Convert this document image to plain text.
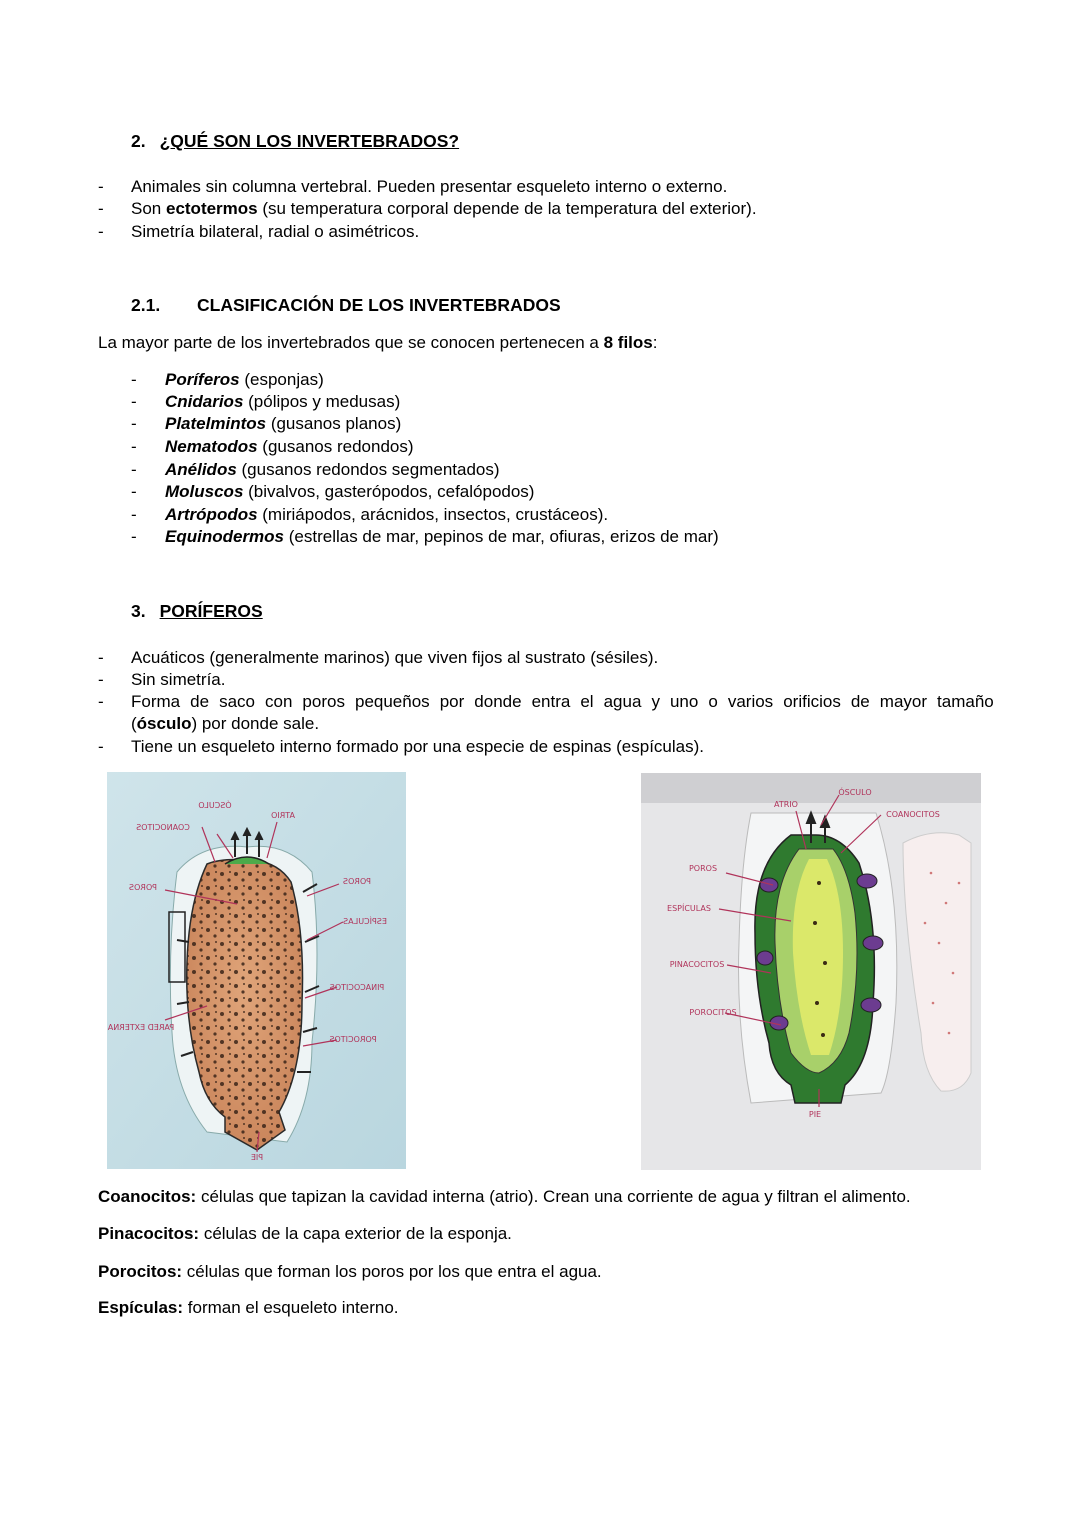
2. ¿QUÉ SON LOS INVERTEBRADOS?
- Animales sin columna vertebral. Pueden presentar esqueleto interno o externo.
- Son ectotermos (su temperatura corporal depende de la temperatura del exterior).
- Simetría bilateral, radial o asimétricos.
2.1. CLASIFICACIÓN DE LOS INVERTEBRADOS
La mayor parte de los invertebrados que se conocen pertenecen a 8 filos:
- Poríferos (esponjas)
- Cnidarios (pólipos y medusas)
- Platelmintos (gusanos planos)
- Nematodos (gusanos redondos)
- Anélidos (gusanos redondos segmentados)
- Moluscos (bivalvos, gasterópodos, cefalópodos)
- Artrópodos (miriápodos, arácnidos, insectos, crustáceos).
- Equinodermos (estrellas de mar, pepinos de mar, ofiuras, erizos de mar)
3. PORÍFEROS
- Acuáticos (generalmente marinos) que viven fijos al sustrato (sésiles).
- Sin simetría.
- Forma de saco con poros pequeños por donde entra el agua y uno o varios orificios de mayor tamaño
(ósculo) por donde sale.
- Tiene un esqueleto interno formado por una especie de espinas (espículas).
ÓSCULO
ATRIO
COANOCITOS
POROS
POROS
ESPÍCULAS
PINACOCITOS
PARED EXTERNA
POROCITOS
PIE
ATRIO
ÓSCULO
COANOCITOS
POROS
ESPÍCULAS
PINACOCITOS
POROCITOS
PIE
Coanocitos: células que tapizan la cavidad interna (atrio). Crean una corriente de agua y filtran el alimento.
Pinacocitos: células de la capa exterior de la esponja.
Porocitos: células que forman los poros por los que entra el agua.
Espículas: forman el esqueleto interno.
